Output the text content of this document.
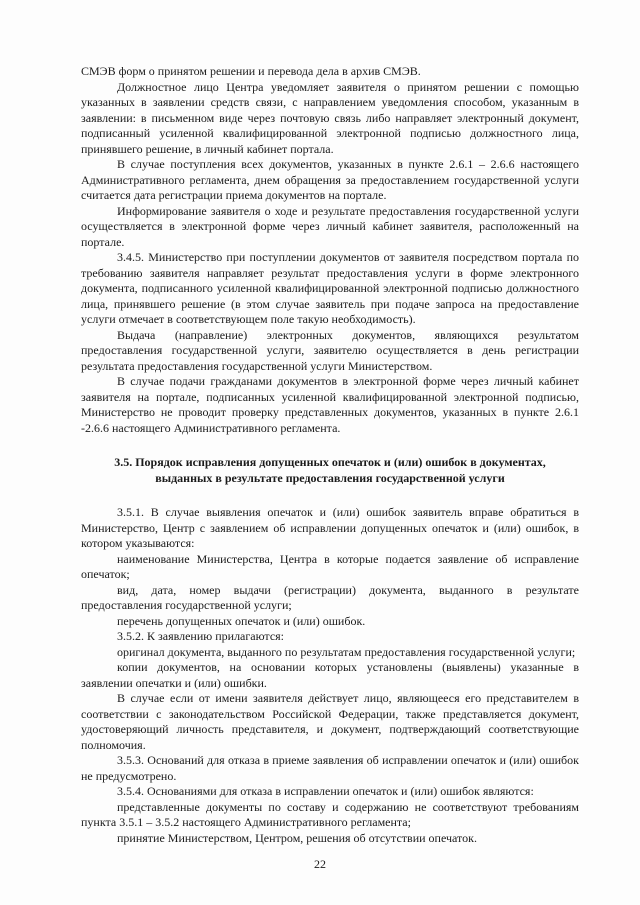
СМЭВ форм о принятом решении и перевода дела в архив СМЭВ.

Должностное лицо Центра уведомляет заявителя о принятом решении с помощью указанных в заявлении средств связи, с направлением уведомления способом, указанным в заявлении: в письменном виде через почтовую связь либо направляет электронный документ, подписанный усиленной квалифицированной электронной подписью должностного лица, принявшего решение, в личный кабинет портала.

В случае поступления всех документов, указанных в пункте 2.6.1 – 2.6.6 настоящего Административного регламента, днем обращения за предоставлением государственной услуги считается дата регистрации приема документов на портале.

Информирование заявителя о ходе и результате предоставления государственной услуги осуществляется в электронной форме через личный кабинет заявителя, расположенный на портале.

3.4.5. Министерство при поступлении документов от заявителя посредством портала по требованию заявителя направляет результат предоставления услуги в форме электронного документа, подписанного усиленной квалифицированной электронной подписью должностного лица, принявшего решение (в этом случае заявитель при подаче запроса на предоставление услуги отмечает в соответствующем поле такую необходимость).

Выдача (направление) электронных документов, являющихся результатом предоставления государственной услуги, заявителю осуществляется в день регистрации результата предоставления государственной услуги Министерством.

В случае подачи гражданами документов в электронной форме через личный кабинет заявителя на портале, подписанных усиленной квалифицированной электронной подписью, Министерство не проводит проверку представленных документов, указанных в пункте 2.6.1 -2.6.6 настоящего Административного регламента.

3.5. Порядок исправления допущенных опечаток и (или) ошибок в документах, выданных в результате предоставления государственной услуги

3.5.1. В случае выявления опечаток и (или) ошибок заявитель вправе обратиться в Министерство, Центр с заявлением об исправлении допущенных опечаток и (или) ошибок, в котором указываются:

наименование Министерства, Центра в которые подается заявление об исправление опечаток;

вид, дата, номер выдачи (регистрации) документа, выданного в результате предоставления государственной услуги;

перечень допущенных опечаток и (или) ошибок.

3.5.2. К заявлению прилагаются:

оригинал документа, выданного по результатам предоставления государственной услуги;

копии документов, на основании которых установлены (выявлены) указанные в заявлении опечатки и (или) ошибки.

В случае если от имени заявителя действует лицо, являющееся его представителем в соответствии с законодательством Российской Федерации, также представляется документ, удостоверяющий личность представителя, и документ, подтверждающий соответствующие полномочия.

3.5.3. Оснований для отказа в приеме заявления об исправлении опечаток и (или) ошибок не предусмотрено.

3.5.4. Основаниями для отказа в исправлении опечаток и (или) ошибок являются:

представленные документы по составу и содержанию не соответствуют требованиям пункта 3.5.1 – 3.5.2 настоящего Административного регламента;

принятие Министерством, Центром, решения об отсутствии опечаток.

22
